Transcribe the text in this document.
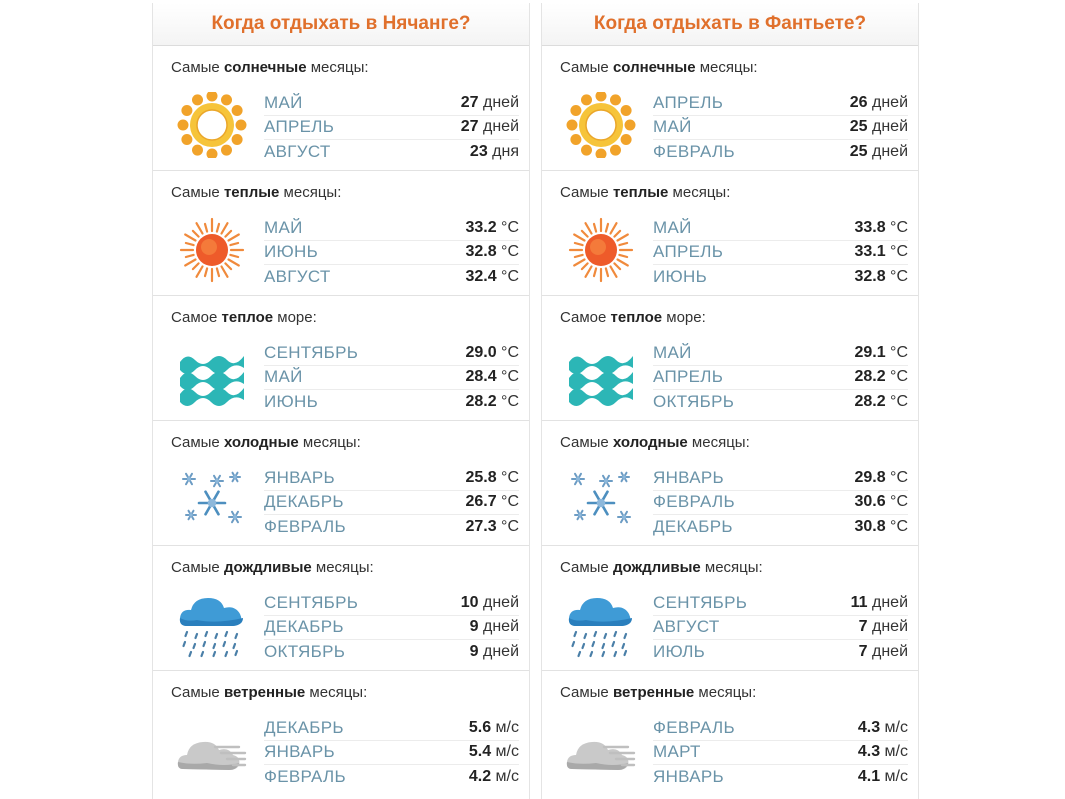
Когда отдыхать в Нячанге?
Самые солнечные месяцы:
МАЙ	27 дней
АПРЕЛЬ	27 дней
АВГУСТ	23 дня
Самые теплые месяцы:
МАЙ	33.2 °C
ИЮНЬ	32.8 °C
АВГУСТ	32.4 °C
Самое теплое море:
СЕНТЯБРЬ	29.0 °C
МАЙ	28.4 °C
ИЮНЬ	28.2 °C
Самые холодные месяцы:
ЯНВАРЬ	25.8 °C
ДЕКАБРЬ	26.7 °C
ФЕВРАЛЬ	27.3 °C
Самые дождливые месяцы:
СЕНТЯБРЬ	10 дней
ДЕКАБРЬ	9 дней
ОКТЯБРЬ	9 дней
Самые ветренные месяцы:
ДЕКАБРЬ	5.6 м/с
ЯНВАРЬ	5.4 м/с
ФЕВРАЛЬ	4.2 м/с
Когда отдыхать в Фантьете?
Самые солнечные месяцы:
АПРЕЛЬ	26 дней
МАЙ	25 дней
ФЕВРАЛЬ	25 дней
Самые теплые месяцы:
МАЙ	33.8 °C
АПРЕЛЬ	33.1 °C
ИЮНЬ	32.8 °C
Самое теплое море:
МАЙ	29.1 °C
АПРЕЛЬ	28.2 °C
ОКТЯБРЬ	28.2 °C
Самые холодные месяцы:
ЯНВАРЬ	29.8 °C
ФЕВРАЛЬ	30.6 °C
ДЕКАБРЬ	30.8 °C
Самые дождливые месяцы:
СЕНТЯБРЬ	11 дней
АВГУСТ	7 дней
ИЮЛЬ	7 дней
Самые ветренные месяцы:
ФЕВРАЛЬ	4.3 м/с
МАРТ	4.3 м/с
ЯНВАРЬ	4.1 м/с
